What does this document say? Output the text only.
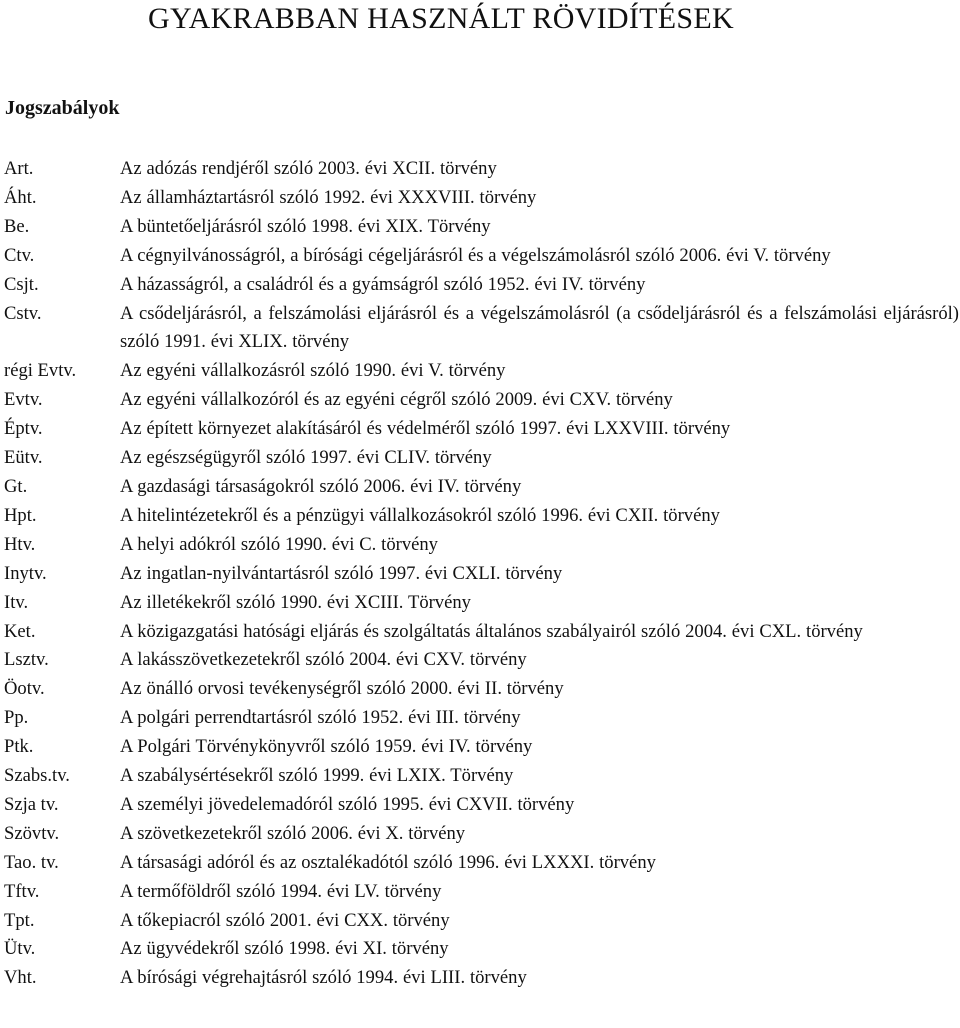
GYAKRABBAN HASZNÁLT RÖVIDÍTÉSEK
Jogszabályok
Art.	Az adózás rendjéről szóló 2003. évi XCII. törvény
Áht.	Az államháztartásról szóló 1992. évi XXXVIII. törvény
Be.	A büntetőeljárásról szóló 1998. évi XIX. Törvény
Ctv.	A cégnyilvánosságról, a bírósági cégeljárásról és a végelszámolásról szóló 2006. évi V. törvény
Csjt.	A házasságról, a családról és a gyámságról szóló 1952. évi IV. törvény
Cstv.	A csődeljárásról, a felszámolási eljárásról és a végelszámolásról (a csődeljárásról és a felszámolási eljárásról) szóló 1991. évi XLIX. törvény
régi Evtv.	Az egyéni vállalkozásról szóló 1990. évi V. törvény
Evtv.	Az egyéni vállalkozóról és az egyéni cégről szóló 2009. évi CXV. törvény
Éptv.	Az épített környezet alakításáról és védelméről szóló 1997. évi LXXVIII. törvény
Eütv.	Az egészségügyről szóló 1997. évi CLIV. törvény
Gt.	A gazdasági társaságokról szóló 2006. évi IV. törvény
Hpt.	A hitelintézetekről és a pénzügyi vállalkozásokról szóló 1996. évi CXII. törvény
Htv.	A helyi adókról szóló 1990. évi C. törvény
Inytv.	Az ingatlan-nyilvántartásról szóló 1997. évi CXLI. törvény
Itv.	Az illetékekről szóló 1990. évi XCIII. Törvény
Ket.	A közigazgatási hatósági eljárás és szolgáltatás általános szabályairól szóló 2004. évi CXL. törvény
Lsztv.	A lakásszövetkezetekről szóló 2004. évi CXV. törvény
Öotv.	Az önálló orvosi tevékenységről szóló 2000. évi II. törvény
Pp.	A polgári perrendtartásról szóló 1952. évi III. törvény
Ptk.	A Polgári Törvénykönyvről szóló 1959. évi IV. törvény
Szabs.tv.	A szabálysértésekről szóló 1999. évi LXIX. Törvény
Szja tv.	A személyi jövedelemadóról szóló 1995. évi CXVII. törvény
Szövtv.	A szövetkezetekről szóló 2006. évi X. törvény
Tao. tv.	A társasági adóról és az osztalékadótól szóló 1996. évi LXXXI. törvény
Tftv.	A termőföldről szóló 1994. évi LV. törvény
Tpt.	A tőkepiacról szóló 2001. évi CXX. törvény
Ütv.	Az ügyvédekről szóló 1998. évi XI. törvény
Vht.	A bírósági végrehajtásról szóló 1994. évi LIII. törvény
